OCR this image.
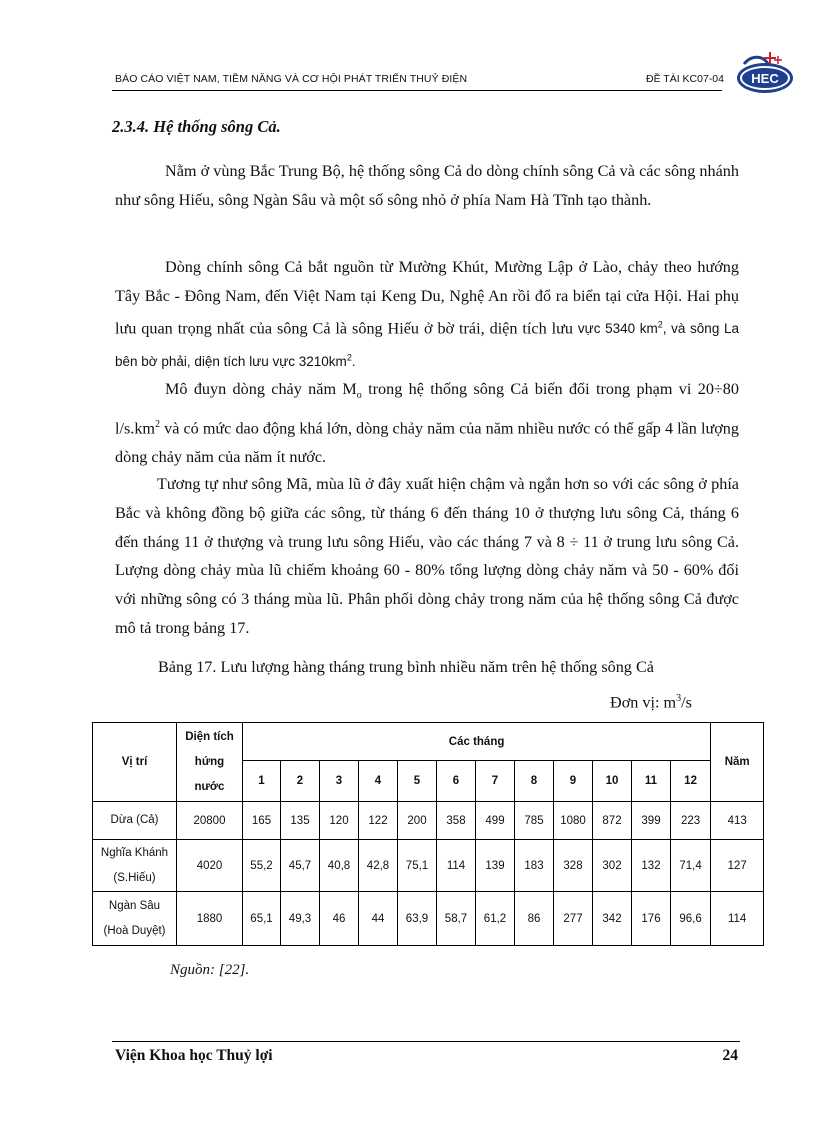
BÁO CÁO VIỆT NAM, TIỀM NĂNG VÀ CƠ HỘI PHÁT TRIỂN THUỶ ĐIỆN	ĐỀ TÀI KC07-04 HEC
2.3.4. Hệ thống sông Cả.
Nằm ở vùng Bắc Trung Bộ, hệ thống sông Cả do dòng chính sông Cả và các sông nhánh như sông Hiếu, sông Ngàn Sâu và một số sông nhỏ ở phía Nam Hà Tĩnh tạo thành.
Dòng chính sông Cả bắt nguồn từ Mường Khút, Mường Lập ở Lào, chảy theo hướng Tây Bắc - Đông Nam, đến Việt Nam tại Keng Du, Nghệ An rồi đổ ra biển tại cửa Hội. Hai phụ lưu quan trọng nhất của sông Cả là sông Hiếu ở bờ trái, diện tích lưu vực 5340 $km^2$, và sông La bên bờ phải, diện tích lưu vực $3210km^2$.
Mô đuyn dòng chảy năm $M_o$ trong hệ thống sông Cả biến đổi trong phạm vi 20÷80 $l/s.km^2$ và có mức dao động khá lớn, dòng chảy năm của năm nhiều nước có thể gấp 4 lần lượng dòng chảy năm của năm ít nước.
Tương tự như sông Mã, mùa lũ ở đây xuất hiện chậm và ngắn hơn so với các sông ở phía Bắc và không đồng bộ giữa các sông, từ tháng 6 đến tháng 10 ở thượng lưu sông Cả, tháng 6 đến tháng 11 ở thượng và trung lưu sông Hiếu, vào các tháng 7 và 8 ÷ 11 ở trung lưu sông Cả. Lượng dòng chảy mùa lũ chiếm khoảng 60 - 80% tổng lượng dòng chảy năm và 50 - 60% đối với những sông có 3 tháng mùa lũ. Phân phối dòng chảy trong năm của hệ thống sông Cả được mô tả trong bảng 17.
Bảng 17. Lưu lượng hàng tháng trung bình nhiều năm trên hệ thống sông Cả
Đơn vị: $m^3/s$
Vị trí	Diện tích
hứng
nước	Các tháng												Năm
		1	2	3	4	5	6	7	8	9	10	11	12	

Dừa (Cả)	20800	165	135	120	122	200	358	499	785	1080	872	399	223	413

Nghĩa Khánh
(S.Hiếu)	4020	55,2	45,7	40,8	42,8	75,1	114	139	183	328	302	132	71,4	127

Ngàn Sâu
(Hoà Duyệt)	1880	65,1	49,3	46	44	63,9	58,7	61,2	86	277	342	176	96,6	114
Nguồn: [22].
Viện Khoa học Thuỷ lợi	24
